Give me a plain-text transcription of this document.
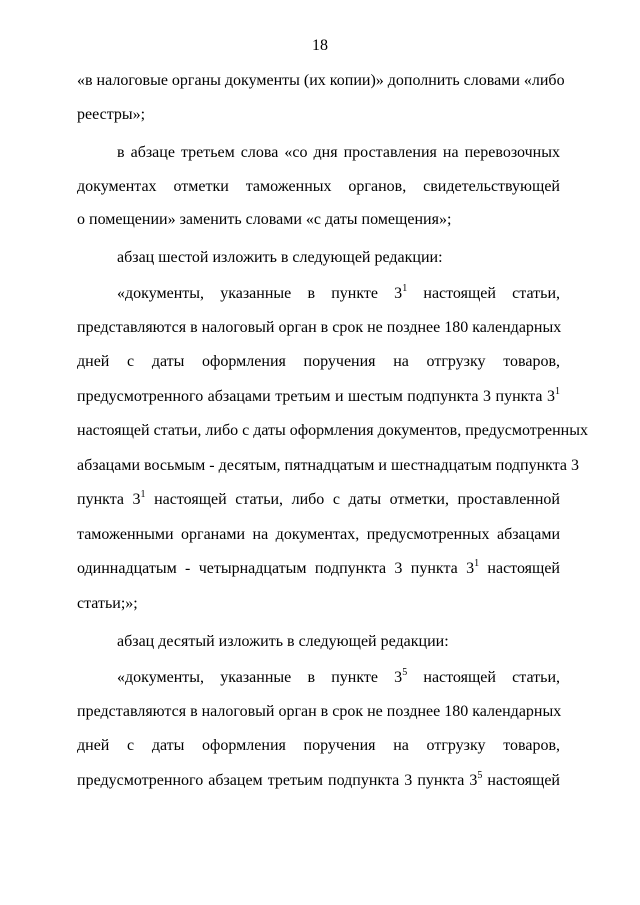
18
«в налоговые органы документы (их копии)» дополнить словами «либо
реестры»;
в абзаце третьем слова «со дня проставления на перевозочных
документах отметки таможенных органов, свидетельствующей
о помещении» заменить словами «с даты помещения»;
абзац шестой изложить в следующей редакции:
«документы, указанные в пункте $3^1$ настоящей статьи,
представляются в налоговый орган в срок не позднее 180 календарных
дней с даты оформления поручения на отгрузку товаров,
предусмотренного абзацами третьим и шестым подпункта 3 пункта $3^1$
настоящей статьи, либо с даты оформления документов, предусмотренных
абзацами восьмым - десятым, пятнадцатым и шестнадцатым подпункта 3
пункта $3^1$ настоящей статьи, либо с даты отметки, проставленной
таможенными органами на документах, предусмотренных абзацами
одиннадцатым - четырнадцатым подпункта 3 пункта $3^1$ настоящей
статьи;»;
абзац десятый изложить в следующей редакции:
«документы, указанные в пункте $3^5$ настоящей статьи,
представляются в налоговый орган в срок не позднее 180 календарных
дней с даты оформления поручения на отгрузку товаров,
предусмотренного абзацем третьим подпункта 3 пункта $3^5$ настоящей
